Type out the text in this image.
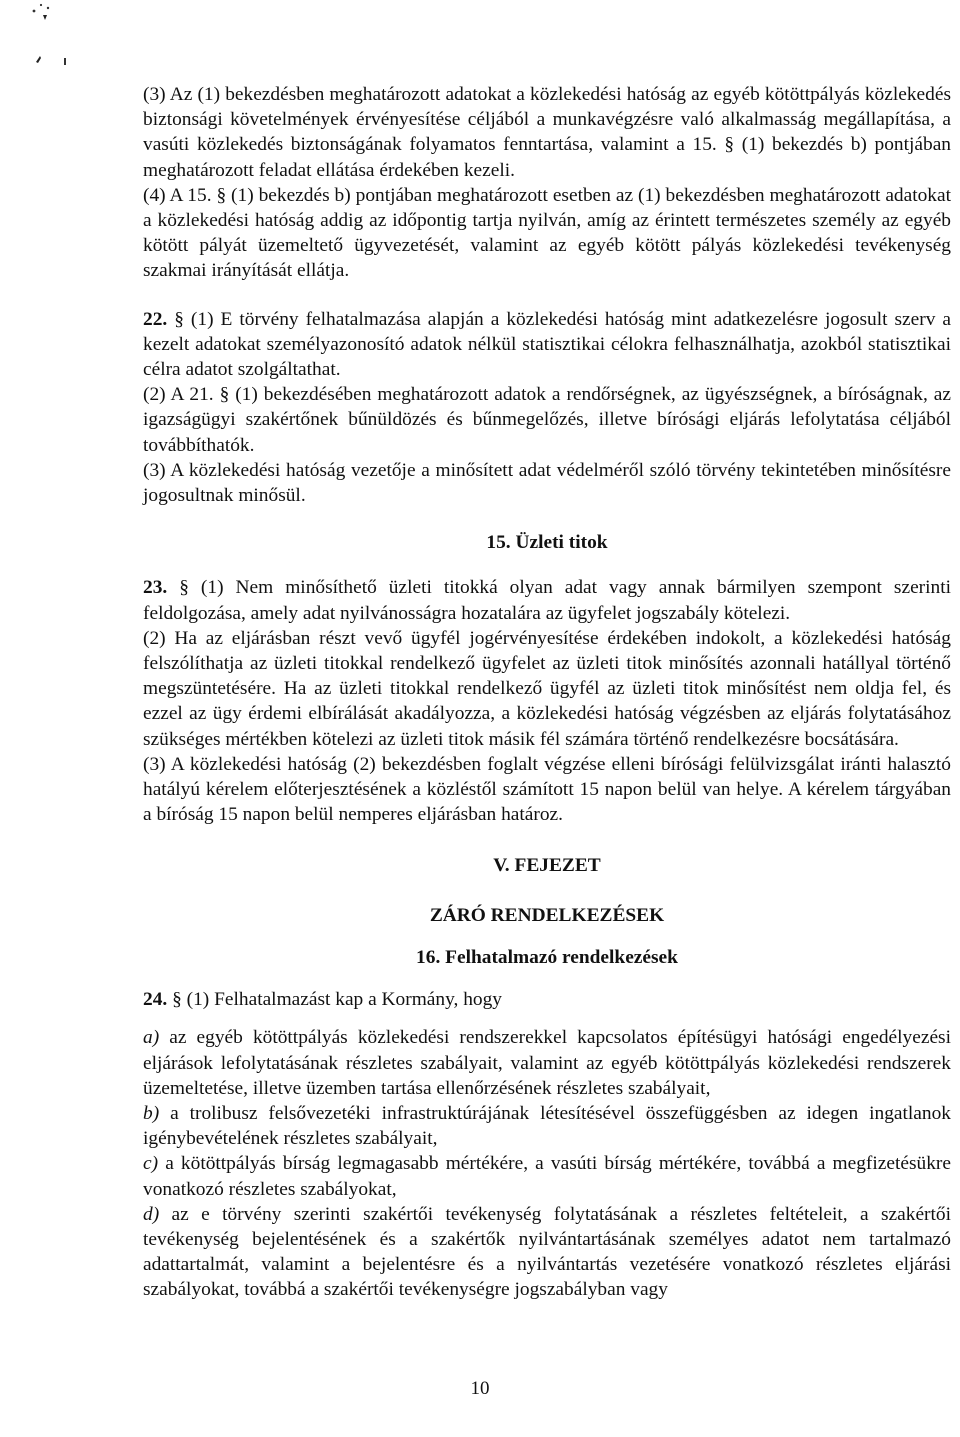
(3) Az (1) bekezdésben meghatározott adatokat a közlekedési hatóság az egyéb kötöttpályás közlekedés biztonsági követelmények érvényesítése céljából a munkavégzésre való alkalmasság megállapítása, a vasúti közlekedés biztonságának folyamatos fenntartása, valamint a 15. § (1) bekezdés b) pontjában meghatározott feladat ellátása érdekében kezeli.

(4) A 15. § (1) bekezdés b) pontjában meghatározott esetben az (1) bekezdésben meghatározott adatokat a közlekedési hatóság addig az időpontig tartja nyilván, amíg az érintett természetes személy az egyéb kötött pályát üzemeltető ügyvezetését, valamint az egyéb kötött pályás közlekedési tevékenység szakmai irányítását ellátja.

22. § (1) E törvény felhatalmazása alapján a közlekedési hatóság mint adatkezelésre jogosult szerv a kezelt adatokat személyazonosító adatok nélkül statisztikai célokra felhasználhatja, azokból statisztikai célra adatot szolgáltathat.

(2) A 21. § (1) bekezdésében meghatározott adatok a rendőrségnek, az ügyészségnek, a bíróságnak, az igazságügyi szakértőnek bűnüldözés és bűnmegelőzés, illetve bírósági eljárás lefolytatása céljából továbbíthatók.

(3) A közlekedési hatóság vezetője a minősített adat védelméről szóló törvény tekintetében minősítésre jogosultnak minősül.

15. Üzleti titok

23. § (1) Nem minősíthető üzleti titokká olyan adat vagy annak bármilyen szempont szerinti feldolgozása, amely adat nyilvánosságra hozatalára az ügyfelet jogszabály kötelezi.

(2) Ha az eljárásban részt vevő ügyfél jogérvényesítése érdekében indokolt, a közlekedési hatóság felszólíthatja az üzleti titokkal rendelkező ügyfelet az üzleti titok minősítés azonnali hatállyal történő megszüntetésére. Ha az üzleti titokkal rendelkező ügyfél az üzleti titok minősítést nem oldja fel, és ezzel az ügy érdemi elbírálását akadályozza, a közlekedési hatóság végzésben az eljárás folytatásához szükséges mértékben kötelezi az üzleti titok másik fél számára történő rendelkezésre bocsátására.

(3) A közlekedési hatóság (2) bekezdésben foglalt végzése elleni bírósági felülvizsgálat iránti halasztó hatályú kérelem előterjesztésének a közléstől számított 15 napon belül van helye. A kérelem tárgyában a bíróság 15 napon belül nemperes eljárásban határoz.

V. FEJEZET

ZÁRÓ RENDELKEZÉSEK

16. Felhatalmazó rendelkezések

24. § (1) Felhatalmazást kap a Kormány, hogy

a) az egyéb kötöttpályás közlekedési rendszerekkel kapcsolatos építésügyi hatósági engedélyezési eljárások lefolytatásának részletes szabályait, valamint az egyéb kötöttpályás közlekedési rendszerek üzemeltetése, illetve üzemben tartása ellenőrzésének részletes szabályait,

b) a trolibusz felsővezetéki infrastruktúrájának létesítésével összefüggésben az idegen ingatlanok igénybevételének részletes szabályait,

c) a kötöttpályás bírság legmagasabb mértékére, a vasúti bírság mértékére, továbbá a megfizetésükre vonatkozó részletes szabályokat,

d) az e törvény szerinti szakértői tevékenység folytatásának a részletes feltételeit, a szakértői tevékenység bejelentésének és a szakértők nyilvántartásának személyes adatot nem tartalmazó adattartalmát, valamint a bejelentésre és a nyilvántartás vezetésére vonatkozó részletes eljárási szabályokat, továbbá a szakértői tevékenységre jogszabályban vagy

10
